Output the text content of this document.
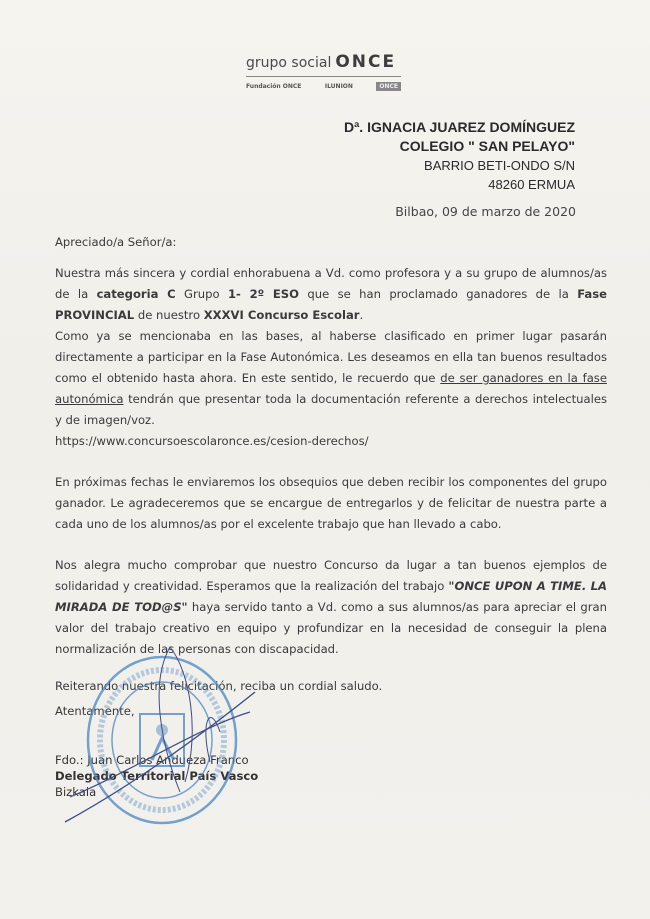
grupo social ONCE
Fundación ONCE	ILUNION	ONCE
Dª. IGNACIA JUAREZ DOMÍNGUEZ
COLEGIO " SAN PELAYO"
BARRIO BETI-ONDO S/N
48260 ERMUA
Bilbao, 09 de marzo de 2020

Apreciado/a Señor/a:

Nuestra más sincera y cordial enhorabuena a Vd. como profesora y a su grupo de alumnos/as de la categoria C Grupo 1- 2º ESO que se han proclamado ganadores de la Fase PROVINCIAL de nuestro XXXVI Concurso Escolar.

Como ya se mencionaba en las bases, al haberse clasificado en primer lugar pasarán directamente a participar en la Fase Autonómica. Les deseamos en ella tan buenos resultados como el obtenido hasta ahora. En este sentido, le recuerdo que de ser ganadores en la fase autonómica tendrán que presentar toda la documentación referente a derechos intelectuales y de imagen/voz.

https://www.concursoescolaronce.es/cesion-derechos/

En próximas fechas le enviaremos los obsequios que deben recibir los componentes del grupo ganador. Le agradeceremos que se encargue de entregarlos y de felicitar de nuestra parte a cada uno de los alumnos/as por el excelente trabajo que han llevado a cabo.

Nos alegra mucho comprobar que nuestro Concurso da lugar a tan buenos ejemplos de solidaridad y creatividad. Esperamos que la realización del trabajo "ONCE UPON A TIME. LA MIRADA DE TOD@S" haya servido tanto a Vd. como a sus alumnos/as para apreciar el gran valor del trabajo creativo en equipo y profundizar en la necesidad de conseguir la plena normalización de las personas con discapacidad.

Reiterando nuestra felicitación, reciba un cordial saludo.

Atentamente,

Fdo.: Juan Carlos Andueza Franco
Delegado Territorial País Vasco
Bizkaia
